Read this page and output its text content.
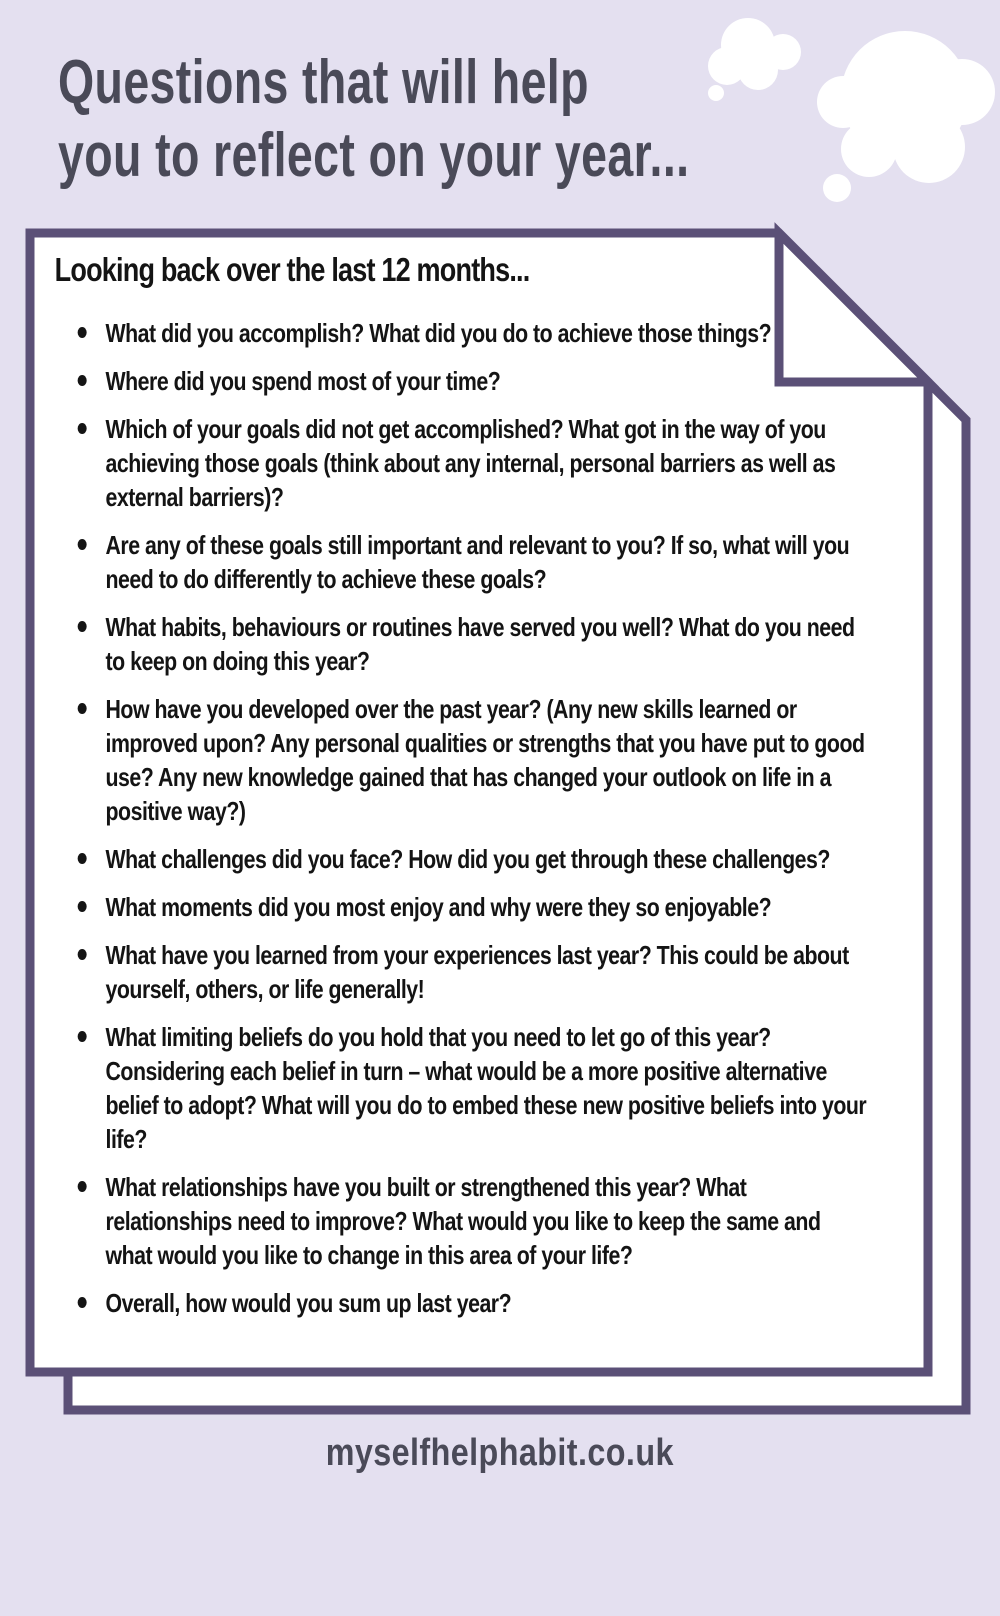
Questions that will help
you to reflect on your year...
Looking back over the last 12 months...
What did you accomplish? What did you do to achieve those things?
Where did you spend most of your time?
Which of your goals did not get accomplished? What got in the way of you achieving those goals (think about any internal, personal barriers as well as external barriers)?
Are any of these goals still important and relevant to you? If so, what will you need to do differently to achieve these goals?
What habits, behaviours or routines have served you well? What do you need to keep on doing this year?
How have you developed over the past year? (Any new skills learned or improved upon? Any personal qualities or strengths that you have put to good use? Any new knowledge gained that has changed your outlook on life in a positive way?)
What challenges did you face? How did you get through these challenges?
What moments did you most enjoy and why were they so enjoyable?
What have you learned from your experiences last year? This could be about yourself, others, or life generally!
What limiting beliefs do you hold that you need to let go of this year? Considering each belief in turn – what would be a more positive alternative belief to adopt? What will you do to embed these new positive beliefs into your life?
What relationships have you built or strengthened this year? What relationships need to improve? What would you like to keep the same and what would you like to change in this area of your life?
Overall, how would you sum up last year?
myselfhelphabit.co.uk
